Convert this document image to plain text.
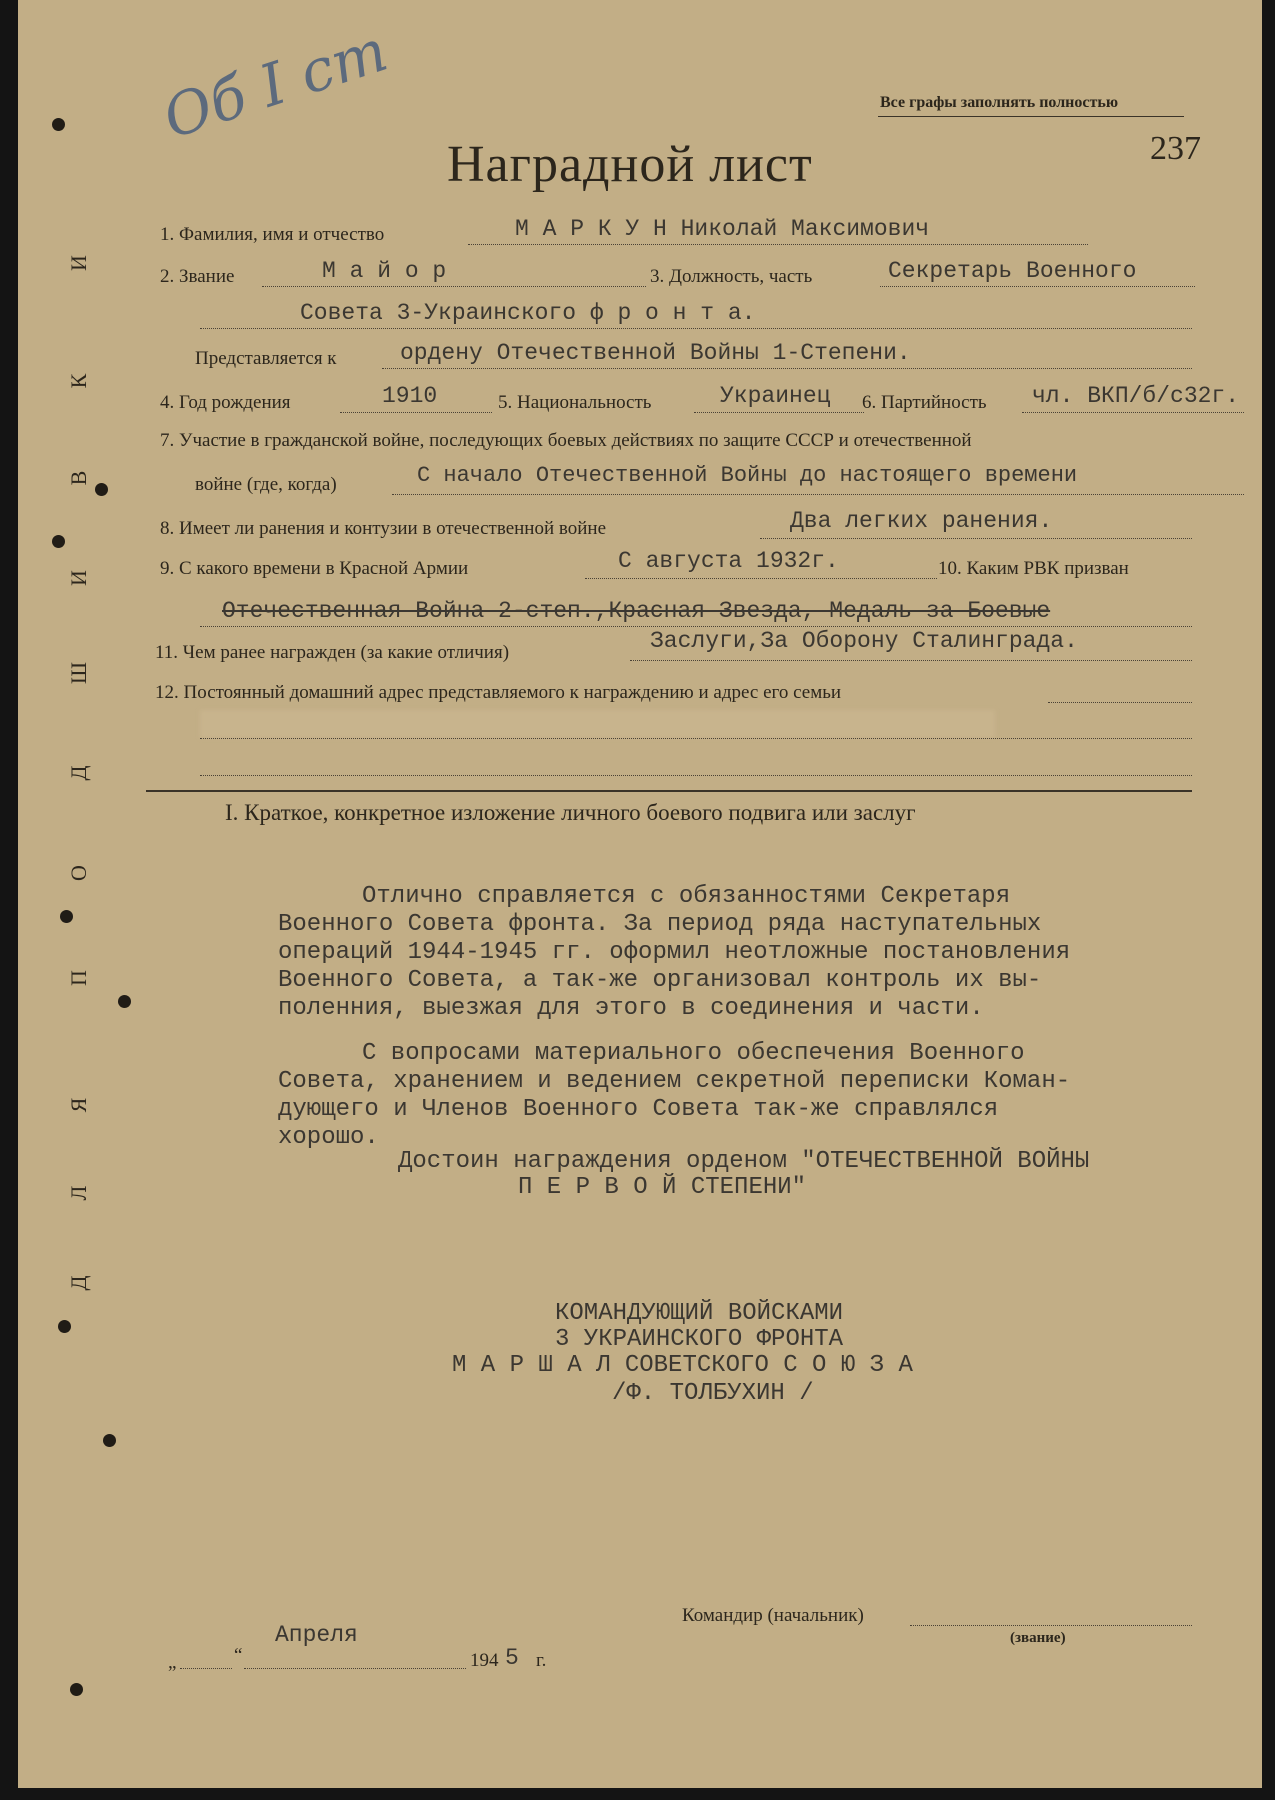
Д
Л
Я
П
О
Д
Ш
И
В
К
И
Все графы заполнять полностью
237
Об I ст
Наградной лист
1. Фамилия, имя и отчество	М А Р К У Н Николай Максимович
2. Звание	М а й о р	3. Должность, часть	Секретарь Военного
Совета 3-Украинского ф р о н т а.
Представляется к	ордену Отечественной Войны 1-Степени.
4. Год рождения	1910	5. Национальность	Украинец 6. Партийность чл. ВКП/б/с32г.
7. Участие в гражданской войне, последующих боевых действиях по защите СССР и отечественной
войне (где, когда)	С начало Отечественной Войны до настоящего времени
8. Имеет ли ранения и контузии в отечественной войне	Два легких ранения.
9. С какого времени в Красной Армии	С августа 1932г.	10. Каким РВК призван
Отечественная Война 2-степ.,Красная Звезда, Медаль за Боевые
11. Чем ранее награжден (за какие отличия)	Заслуги,За Оборону Сталинграда.
12. Постоянный домашний адрес представляемого к награждению и адрес его семьи
I. Краткое, конкретное изложение личного боевого подвига или заслуг
Отлично справляется с обязанностями Секретаря
Военного Совета фронта. За период ряда наступательных
операций 1944-1945 гг. оформил неотложные постановления
Военного Совета, а так-же организовал контроль их вы-
поленния, выезжая для этого в соединения и части.
С вопросами материального обеспечения Военного
Совета, хранением и ведением секретной переписки Коман-
дующего и Членов Военного Совета так-же справлялся
хорошо.
Достоин награждения орденом "ОТЕЧЕСТВЕННОЙ ВОЙНЫ
П Е Р В О Й СТЕПЕНИ"
КОМАНДУЮЩИЙ ВОЙСКАМИ
3 УКРАИНСКОГО ФРОНТА
М А Р Ш А Л СОВЕТСКОГО С О Ю З А
/Ф. ТОЛБУХИН /
Командир (начальник)
(звание)
„	“
Апреля
194 5 г.
